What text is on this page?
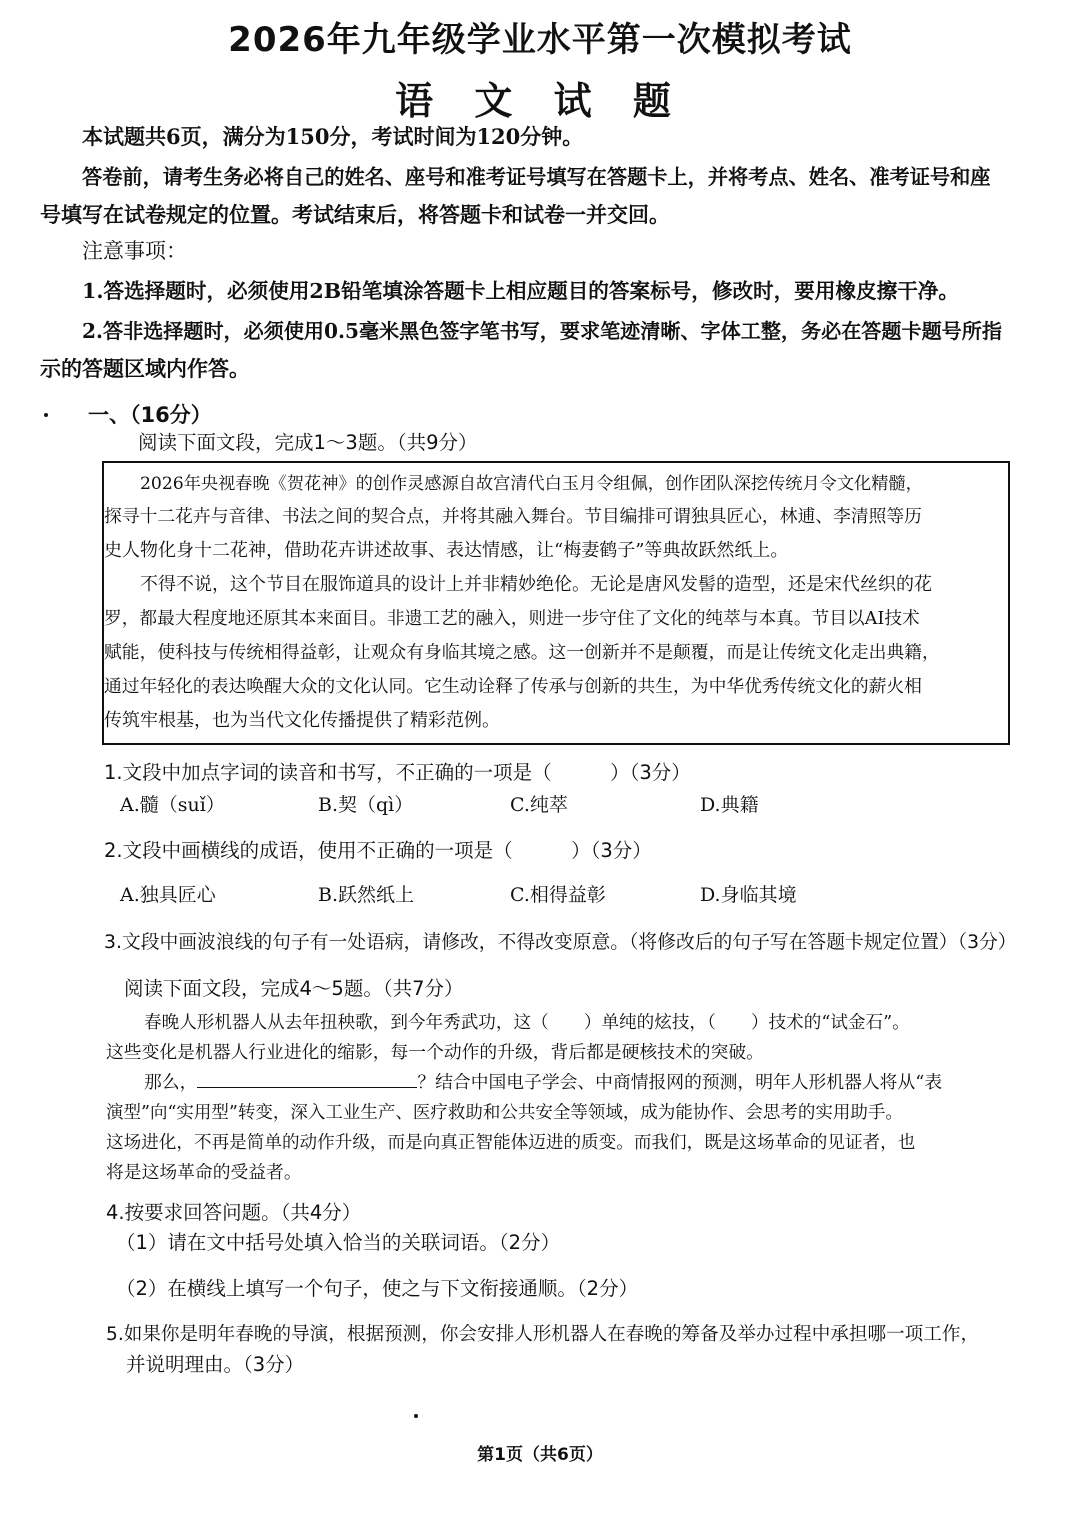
2026年九年级学业水平第一次模拟考试
语 文 试 题
本试题共6页，满分为150分，考试时间为120分钟。
答卷前，请考生务必将自己的姓名、座号和准考证号填写在答题卡上，并将考点、姓名、准考证号和座
号填写在试卷规定的位置。考试结束后，将答题卡和试卷一并交回。
注意事项：
1.答选择题时，必须使用2B铅笔填涂答题卡上相应题目的答案标号，修改时，要用橡皮擦干净。
2.答非选择题时，必须使用0.5毫米黑色签字笔书写，要求笔迹清晰、字体工整，务必在答题卡题号所指
示的答题区域内作答。
一、（16分）
阅读下面文段，完成1～3题。（共9分）
2026年央视春晚《贺花神》的创作灵感源自故宫清代白玉月令组佩，创作团队深挖传统月令文化精髓，
探寻十二花卉与音律、书法之间的契合点，并将其融入舞台。节目编排可谓独具匠心，林逋、李清照等历
史人物化身十二花神，借助花卉讲述故事、表达情感，让“梅妻鹤子”等典故跃然纸上。
不得不说，这个节目在服饰道具的设计上并非精妙绝伦。无论是唐风发髻的造型，还是宋代丝织的花
罗，都最大程度地还原其本来面目。非遗工艺的融入，则进一步守住了文化的纯萃与本真。节目以AI技术
赋能，使科技与传统相得益彰，让观众有身临其境之感。这一创新并不是颠覆，而是让传统文化走出典籍，
通过年轻化的表达唤醒大众的文化认同。它生动诠释了传承与创新的共生，为中华优秀传统文化的薪火相
传筑牢根基，也为当代文化传播提供了精彩范例。
1.文段中加点字词的读音和书写，不正确的一项是（　　　）（3分）
A.髓（suǐ）	B.契（qì）	C.纯萃	D.典籍
2.文段中画横线的成语，使用不正确的一项是（　　　）（3分）
A.独具匠心	B.跃然纸上	C.相得益彰	D.身临其境
3.文段中画波浪线的句子有一处语病，请修改，不得改变原意。（将修改后的句子写在答题卡规定位置）（3分）
阅读下面文段，完成4～5题。（共7分）
春晚人形机器人从去年扭秧歌，到今年秀武功，这（　　）单纯的炫技，（　　）技术的“试金石”。
这些变化是机器人行业进化的缩影，每一个动作的升级，背后都是硬核技术的突破。
那么，	？结合中国电子学会、中商情报网的预测，明年人形机器人将从“表
演型”向“实用型”转变，深入工业生产、医疗救助和公共安全等领域，成为能协作、会思考的实用助手。
这场进化，不再是简单的动作升级，而是向真正智能体迈进的质变。而我们，既是这场革命的见证者，也
将是这场革命的受益者。
4.按要求回答问题。（共4分）
（1）请在文中括号处填入恰当的关联词语。（2分）
（2）在横线上填写一个句子，使之与下文衔接通顺。（2分）
5.如果你是明年春晚的导演，根据预测，你会安排人形机器人在春晚的筹备及举办过程中承担哪一项工作，
并说明理由。（3分）
第1页（共6页）
